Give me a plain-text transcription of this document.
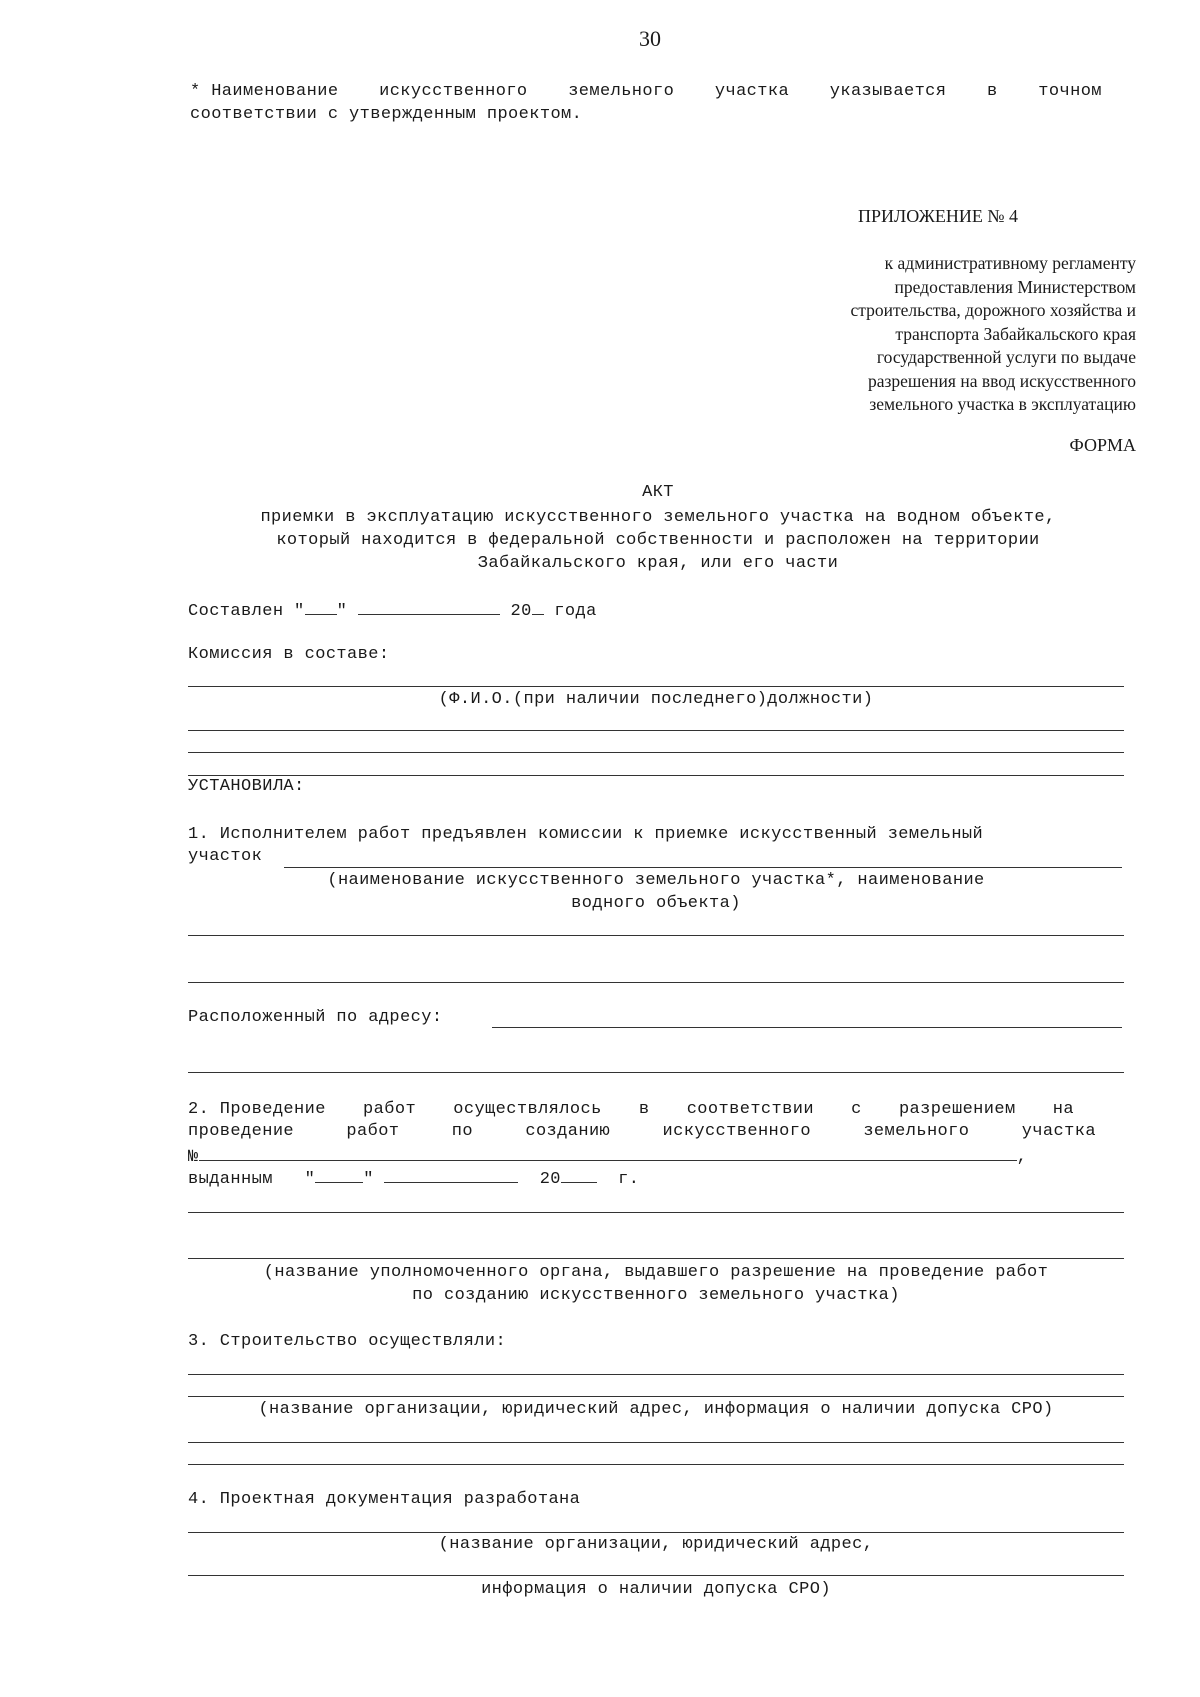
30
* Наименование искусственного земельного участка указывается в точном
соответствии с утвержденным проектом.
ПРИЛОЖЕНИЕ № 4
к административному регламенту
предоставления Министерством
строительства, дорожного хозяйства и
транспорта Забайкальского края
государственной услуги по выдаче
разрешения на ввод искусственного
земельного участка в эксплуатацию
ФОРМА
АКТ
приемки в эксплуатацию искусственного земельного участка на водном объекте,
который находится в федеральной собственности и расположен на территории
Забайкальского края, или его части
Составлен " "	20 года
Комиссия в составе:
(Ф.И.О.(при наличии последнего)должности)
УСТАНОВИЛА:
1. Исполнителем работ предъявлен комиссии к приемке искусственный земельный
участок
(наименование искусственного земельного участка*, наименование
водного объекта)
Расположенный по адресу:
2. Проведение работ осуществлялось в соответствии с разрешением на
проведение	работ	по	созданию	искусственного	земельного	участка
№	,
выданным "	"	20	г.
(название уполномоченного органа, выдавшего разрешение на проведение работ
по созданию искусственного земельного участка)
3. Строительство осуществляли:
(название организации, юридический адрес, информация о наличии допуска СРО)
4. Проектная документация разработана
(название организации, юридический адрес,
информация о наличии допуска СРО)
